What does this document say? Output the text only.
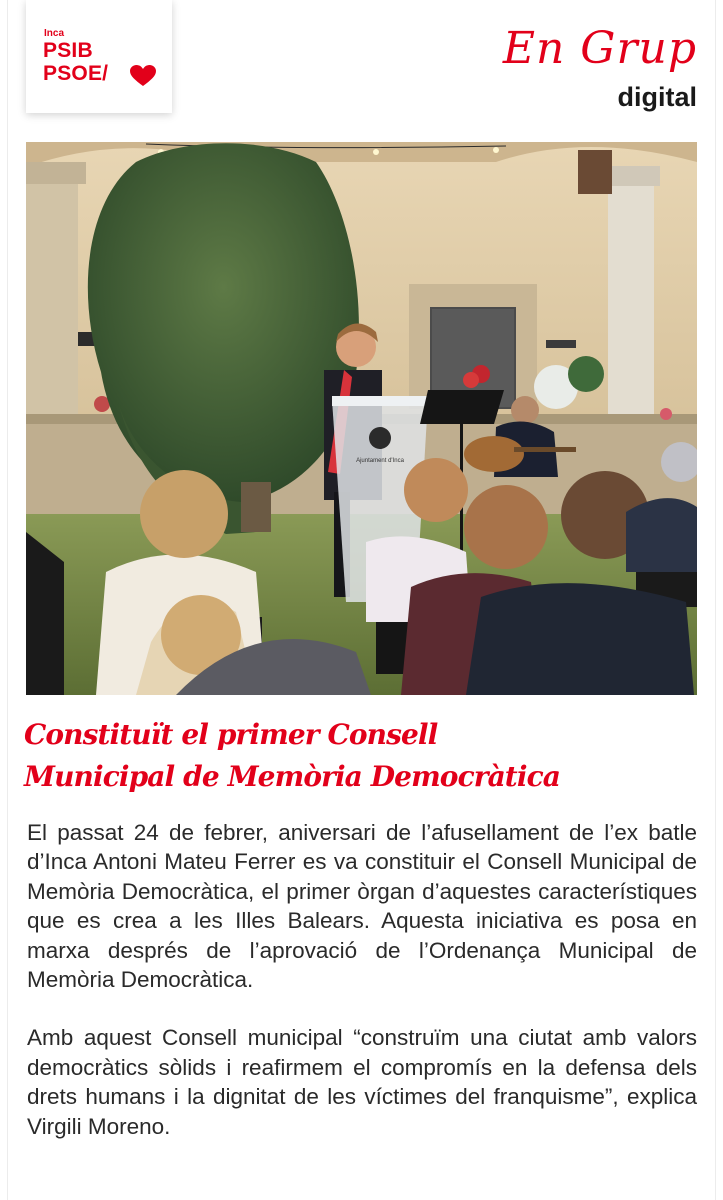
Inca
PSIB
PSOE/	En Grup
digital
Ajuntament d'Inca
Constituït el primer Consell
Municipal de Memòria Democràtica

El passat 24 de febrer, aniversari de l’afusellament de l’ex batle d’Inca Antoni Mateu Ferrer es va constituir el Consell Municipal de Memòria Democràtica, el primer òrgan d’aquestes característiques que es crea a les Illes Balears. Aquesta iniciativa es posa en marxa després de l’aprovació de l’Ordenança Municipal de Memòria Democràtica.

Amb aquest Consell municipal “construïm una ciutat amb valors democràtics sòlids i reafirmem el compromís en la defensa dels drets humans i la dignitat de les víctimes del franquisme”, explica Virgili Moreno.
